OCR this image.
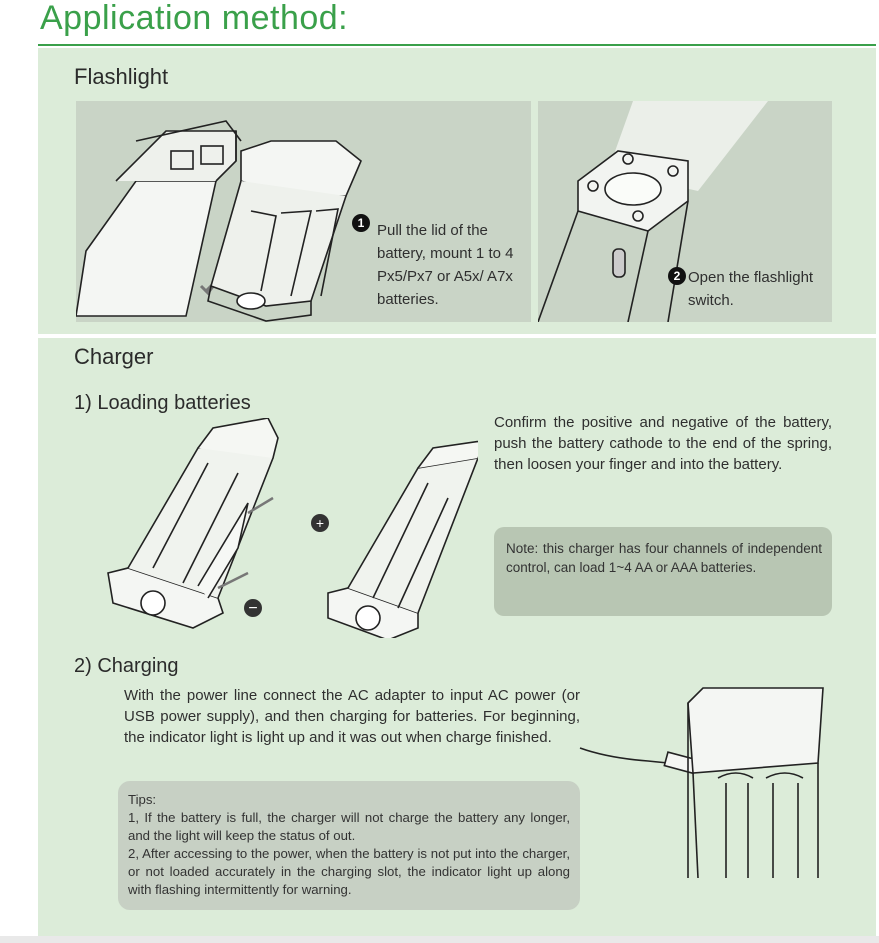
Application method:
Flashlight
1 Pull the lid of the battery, mount 1 to 4 Px5/Px7 or A5x/ A7x batteries.
2 Open the flashlight switch.
Charger
1) Loading batteries
+
−
Confirm the positive and negative of the battery, push the battery cathode to the end of the spring, then loosen your finger and into the battery.
Note: this charger has four channels of independent control, can load 1~4 AA or AAA batteries.
2) Charging
With the power line connect the AC adapter to input AC power (or USB power supply), and then charging for batteries. For beginning, the indicator light is light up and it was out when charge finished.

Tips:

1, If the battery is full, the charger will not charge the battery any longer, and the light will keep the status of out.

2, After accessing to the power, when the battery is not put into the charger, or not loaded accurately in the charging slot, the indicator light up along with flashing intermittently for warning.
